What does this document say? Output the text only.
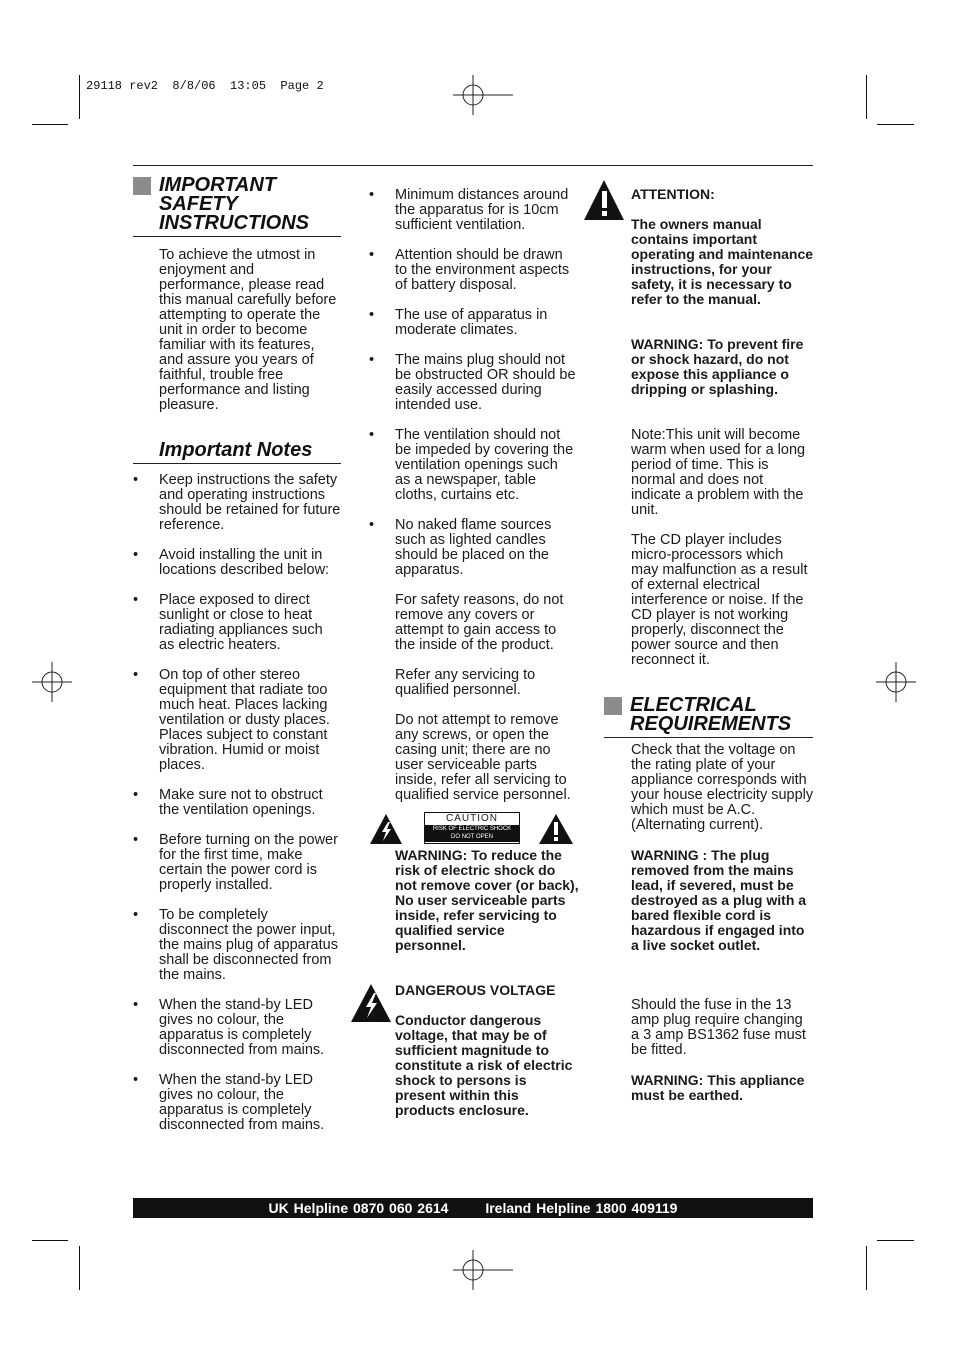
29118 rev2  8/8/06  13:05  Page 2
IMPORTANT
SAFETY
INSTRUCTIONS
To achieve the utmost in enjoyment and performance, please read this manual carefully before attempting to operate the unit in order to become familiar with its features, and assure you years of faithful, trouble free performance and listing pleasure.
Important Notes
• Keep instructions the safety and operating instructions should be retained for future reference.
• Avoid installing the unit in locations described below:
• Place exposed to direct sunlight or close to heat radiating appliances such as electric heaters.
• On top of other stereo equipment that radiate too much heat. Places lacking ventilation or dusty places. Places subject to constant vibration. Humid or moist places.
• Make sure not to obstruct the ventilation openings.
• Before turning on the power for the first time, make certain the power cord is properly installed.
• To be completely disconnect the power input, the mains plug of apparatus shall be disconnected from the mains.
• When the stand-by LED gives no colour, the apparatus is completely disconnected from mains.
• When the stand-by LED gives no colour, the apparatus is completely disconnected from mains.
• Minimum distances around the apparatus for is 10cm sufficient ventilation.
• Attention should be drawn to the environment aspects of battery disposal.
• The use of apparatus in moderate climates.
• The mains plug should not be obstructed OR should be easily accessed during intended use.
• The ventilation should not be impeded by covering the ventilation openings such as a newspaper, table cloths, curtains etc.
• No naked flame sources such as lighted candles should be placed on the apparatus.
For safety reasons, do not remove any covers or attempt to gain access to the inside of the product.
Refer any servicing to qualified personnel.
Do not attempt to remove any screws, or open the casing unit; there are no user serviceable parts inside, refer all servicing to qualified service personnel.
CAUTION
RISK OF ELECTRIC SHOCK
DO NOT OPEN
WARNING: To reduce the risk of electric shock do not remove cover (or back), No user serviceable parts inside, refer servicing to qualified service personnel.
DANGEROUS VOLTAGE
Conductor dangerous voltage, that may be of sufficient magnitude to constitute a risk of electric shock to persons is present within this products enclosure.
ATTENTION:
The owners manual contains important operating and maintenance instructions, for your safety, it is necessary to refer to the manual.
WARNING: To prevent fire or shock hazard, do not expose this appliance o dripping or splashing.
Note:This unit will become warm when used for a long period of time. This is normal and does not indicate a problem with the unit.
The CD player includes micro-processors which may malfunction as a result of external electrical interference or noise. If the CD player is not working properly, disconnect the power source and then reconnect it.
ELECTRICAL
REQUIREMENTS
Check that the voltage on the rating plate of your appliance corresponds with your house electricity supply which must be A.C. (Alternating current).
WARNING : The plug removed from the mains lead, if severed, must be destroyed as a plug with a bared flexible cord is hazardous if engaged into a live socket outlet.
Should the fuse in the 13 amp plug require changing a 3 amp BS1362 fuse must be fitted.
WARNING: This appliance must be earthed.
UK Helpline 0870 060 2614	Ireland Helpline 1800 409119
